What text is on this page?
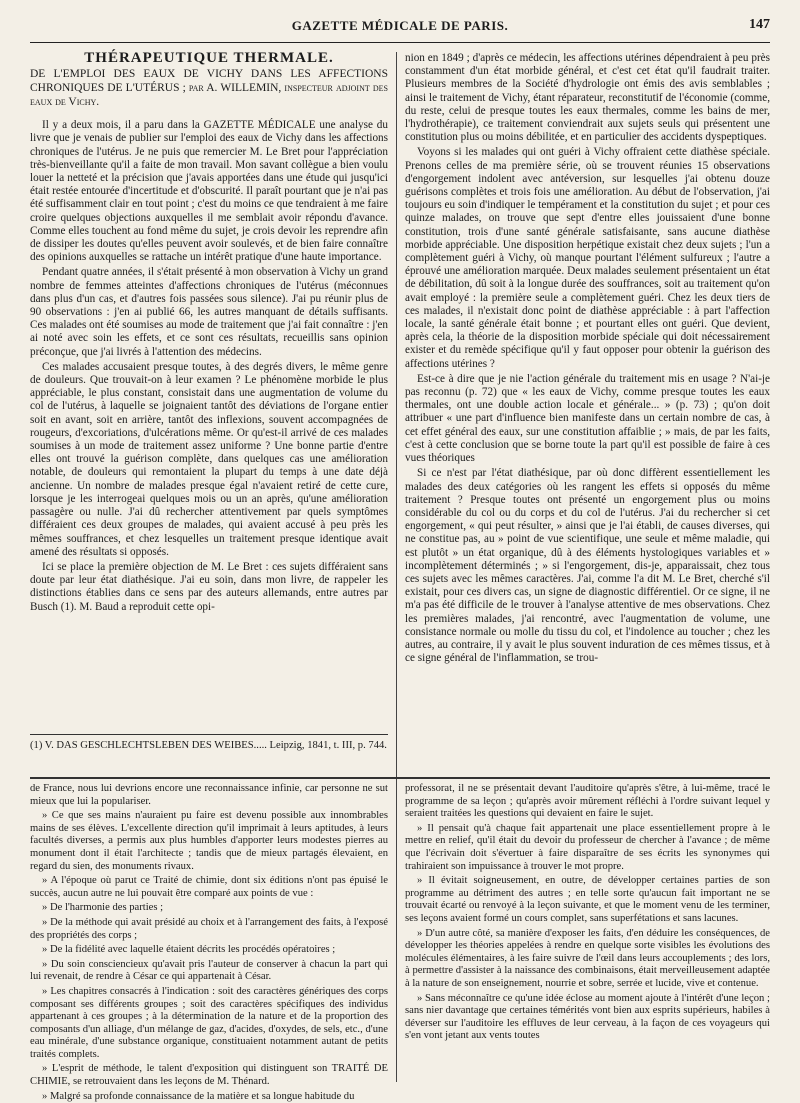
GAZETTE MÉDICALE DE PARIS.	147

THÉRAPEUTIQUE THERMALE.

DE L'EMPLOI DES EAUX DE VICHY DANS LES AFFECTIONS CHRONIQUES DE L'UTÉRUS ; par A. WILLEMIN, inspecteur adjoint des eaux de Vichy.

Il y a deux mois, il a paru dans la GAZETTE MÉDICALE une analyse du livre que je venais de publier sur l'emploi des eaux de Vichy dans les affections chroniques de l'utérus. Je ne puis que remercier M. Le Bret pour l'appréciation très-bienveillante qu'il a faite de mon travail. Mon savant collègue a bien voulu louer la netteté et la précision que j'avais apportées dans une étude qui jusqu'ici était restée entourée d'incertitude et d'obscurité. Il paraît pourtant que je n'ai pas été suffisamment clair en tout point ; c'est du moins ce que tendraient à me faire croire quelques objections auxquelles il me semblait avoir répondu d'avance. Comme elles touchent au fond même du sujet, je crois devoir les reprendre afin de dissiper les doutes qu'elles peuvent avoir soulevés, et de bien faire connaître des opinions auxquelles se rattache un intérêt pratique d'une haute importance.

Pendant quatre années, il s'était présenté à mon observation à Vichy un grand nombre de femmes atteintes d'affections chroniques de l'utérus (méconnues dans plus d'un cas, et d'autres fois passées sous silence). J'ai pu réunir plus de 90 observations : j'en ai publié 66, les autres manquant de détails suffisants. Ces malades ont été soumises au mode de traitement que j'ai fait connaître : j'en ai noté avec soin les effets, et ce sont ces résultats, recueillis sans opinion préconçue, que j'ai livrés à l'attention des médecins.

Ces malades accusaient presque toutes, à des degrés divers, le même genre de douleurs. Que trouvait-on à leur examen ? Le phénomène morbide le plus appréciable, le plus constant, consistait dans une augmentation de volume du col de l'utérus, à laquelle se joignaient tantôt des déviations de l'organe entier soit en avant, soit en arrière, tantôt des inflexions, souvent accompagnées de rougeurs, d'excoriations, d'ulcérations même. Or qu'est-il arrivé de ces malades soumises à un mode de traitement assez uniforme ? Une bonne partie d'entre elles ont trouvé la guérison complète, dans quelques cas une amélioration notable, de douleurs qui remontaient la plupart du temps à une date déjà ancienne. Un nombre de malades presque égal n'avaient retiré de cette cure, lorsque je les interrogeai quelques mois ou un an après, qu'une amélioration passagère ou nulle. J'ai dû rechercher attentivement par quels symptômes différaient ces deux groupes de malades, qui avaient accusé à peu près les mêmes souffrances, et chez lesquelles un traitement presque identique avait amené des résultats si opposés.

Ici se place la première objection de M. Le Bret : ces sujets différaient sans doute par leur état diathésique. J'ai eu soin, dans mon livre, de rappeler les distinctions établies dans ce sens par des auteurs allemands, entre autres par Busch (1). M. Baud a reproduit cette opi-

(1) V. DAS GESCHLECHTSLEBEN DES WEIBES..... Leipzig, 1841, t. III, p. 744.

nion en 1849 ; d'après ce médecin, les affections utérines dépendraient à peu près constamment d'un état morbide général, et c'est cet état qu'il faudrait traiter. Plusieurs membres de la Société d'hydrologie ont émis des avis semblables ; ainsi le traitement de Vichy, étant réparateur, reconstitutif de l'économie (comme, du reste, celui de presque toutes les eaux thermales, comme les bains de mer, l'hydrothérapie), ce traitement conviendrait aux sujets seuls qui présentent une constitution plus ou moins débilitée, et en particulier des accidents dyspeptiques.

Voyons si les malades qui ont guéri à Vichy offraient cette diathèse spéciale. Prenons celles de ma première série, où se trouvent réunies 15 observations d'engorgement indolent avec antéversion, sur lesquelles j'ai obtenu douze guérisons complètes et trois fois une amélioration. Au début de l'observation, j'ai toujours eu soin d'indiquer le tempérament et la constitution du sujet ; et pour ces quinze malades, on trouve que sept d'entre elles jouissaient d'une bonne constitution, trois d'une santé générale satisfaisante, sans aucune diathèse morbide appréciable. Une disposition herpétique existait chez deux sujets ; l'un a complètement guéri à Vichy, où manque pourtant l'élément sulfureux ; l'autre a éprouvé une amélioration marquée. Deux malades seulement présentaient un état de débilitation, dû soit à la longue durée des souffrances, soit au traitement qu'on avait employé : la première seule a complètement guéri. Chez les deux tiers de ces malades, il n'existait donc point de diathèse appréciable : à part l'affection locale, la santé générale était bonne ; et pourtant elles ont guéri. Que devient, après cela, la théorie de la disposition morbide spéciale qui doit nécessairement exister et du remède spécifique qu'il y faut opposer pour obtenir la guérison des affections utérines ?

Est-ce à dire que je nie l'action générale du traitement mis en usage ? N'ai-je pas reconnu (p. 72) que « les eaux de Vichy, comme presque toutes les eaux thermales, ont une double action locale et générale... » (p. 73) ; qu'on doit attribuer « une part d'influence bien manifeste dans un certain nombre de cas, à cet effet général des eaux, sur une constitution affaiblie ; » mais, de par les faits, c'est à cette conclusion que se borne toute la part qu'il est possible de faire à ces vues théoriques

Si ce n'est par l'état diathésique, par où donc diffèrent essentiellement les malades des deux catégories où les rangent les effets si opposés du même traitement ? Presque toutes ont présenté un engorgement plus ou moins considérable du col ou du corps et du col de l'utérus. J'ai du rechercher si cet engorgement, « qui peut résulter, » ainsi que je l'ai établi, de causes diverses, qui ne constitue pas, au » point de vue scientifique, une seule et même maladie, qui est plutôt » un état organique, dû à des éléments hystologiques variables et » incomplètement déterminés ; » si l'engorgement, dis-je, apparaissait, chez tous ces sujets avec les mêmes caractères. J'ai, comme l'a dit M. Le Bret, cherché s'il existait, pour ces divers cas, un signe de diagnostic différentiel. Or ce signe, il ne m'a pas été difficile de le trouver à l'analyse attentive de mes observations. Chez les premières malades, j'ai rencontré, avec l'augmentation de volume, une consistance normale ou molle du tissu du col, et l'indolence au toucher ; chez les autres, au contraire, il y avait le plus souvent induration de ces mêmes tissus, et à ce signe général de l'inflammation, se trou-

de France, nous lui devrions encore une reconnaissance infinie, car personne ne sut mieux que lui la populariser.

» Ce que ses mains n'auraient pu faire est devenu possible aux innombrables mains de ses élèves. L'excellente direction qu'il imprimait à leurs aptitudes, à leurs facultés diverses, a permis aux plus humbles d'apporter leurs modestes pierres au monument dont il était l'architecte ; tandis que de mieux partagés élevaient, en regard du sien, des monuments rivaux.

» A l'époque où parut ce Traité de chimie, dont six éditions n'ont pas épuisé le succès, aucun autre ne lui pouvait être comparé aux points de vue :

» De l'harmonie des parties ;

» De la méthode qui avait présidé au choix et à l'arrangement des faits, à l'exposé des propriétés des corps ;

» De la fidélité avec laquelle étaient décrits les procédés opératoires ;

» Du soin consciencieux qu'avait pris l'auteur de conserver à chacun la part qui lui revenait, de rendre à César ce qui appartenait à César.

» Les chapitres consacrés à l'indication : soit des caractères génériques des corps composant ses différents groupes ; soit des caractères spécifiques des individus appartenant à ces groupes ; à la détermination de la nature et de la proportion des composants d'un alliage, d'un mélange de gaz, d'acides, d'oxydes, de sels, etc., d'une eau minérale, d'une substance organique, constituaient notamment autant de petits traités complets.

» L'esprit de méthode, le talent d'exposition qui distinguent son TRAITÉ DE CHIMIE, se retrouvaient dans les leçons de M. Thénard.

» Malgré sa profonde connaissance de la matière et sa longue habitude du

professorat, il ne se présentait devant l'auditoire qu'après s'être, à lui-même, tracé le programme de sa leçon ; qu'après avoir mûrement réfléchi à l'ordre suivant lequel y seraient traitées les questions qui devaient en faire le sujet.

» Il pensait qu'à chaque fait appartenait une place essentiellement propre à le mettre en relief, qu'il était du devoir du professeur de chercher à l'avance ; de même que l'écrivain doit s'évertuer à faire disparaître de ses écrits les synonymes qui trahiraient son impuissance à trouver le mot propre.

» Il évitait soigneusement, en outre, de développer certaines parties de son programme au détriment des autres ; en telle sorte qu'aucun fait important ne se trouvait écarté ou renvoyé à la leçon suivante, et que le moment venu de les terminer, ses leçons avaient formé un cours complet, sans superfétations et sans lacunes.

» D'un autre côté, sa manière d'exposer les faits, d'en déduire les conséquences, de développer les théories appelées à rendre en quelque sorte visibles les évolutions des molécules élémentaires, à les faire suivre de l'œil dans leurs accouplements ; des lors, à permettre d'assister à la naissance des combinaisons, était merveilleusement adaptée à la nature de son enseignement, nourrie et sobre, serrée et lucide, vive et contenue.

» Sans méconnaître ce qu'une idée éclose au moment ajoute à l'intérêt d'une leçon ; sans nier davantage que certaines témérités vont bien aux esprits supérieurs, habiles à déverser sur l'auditoire les effluves de leur cerveau, à la façon de ces voyageurs qui s'en vont jetant aux vents toutes
